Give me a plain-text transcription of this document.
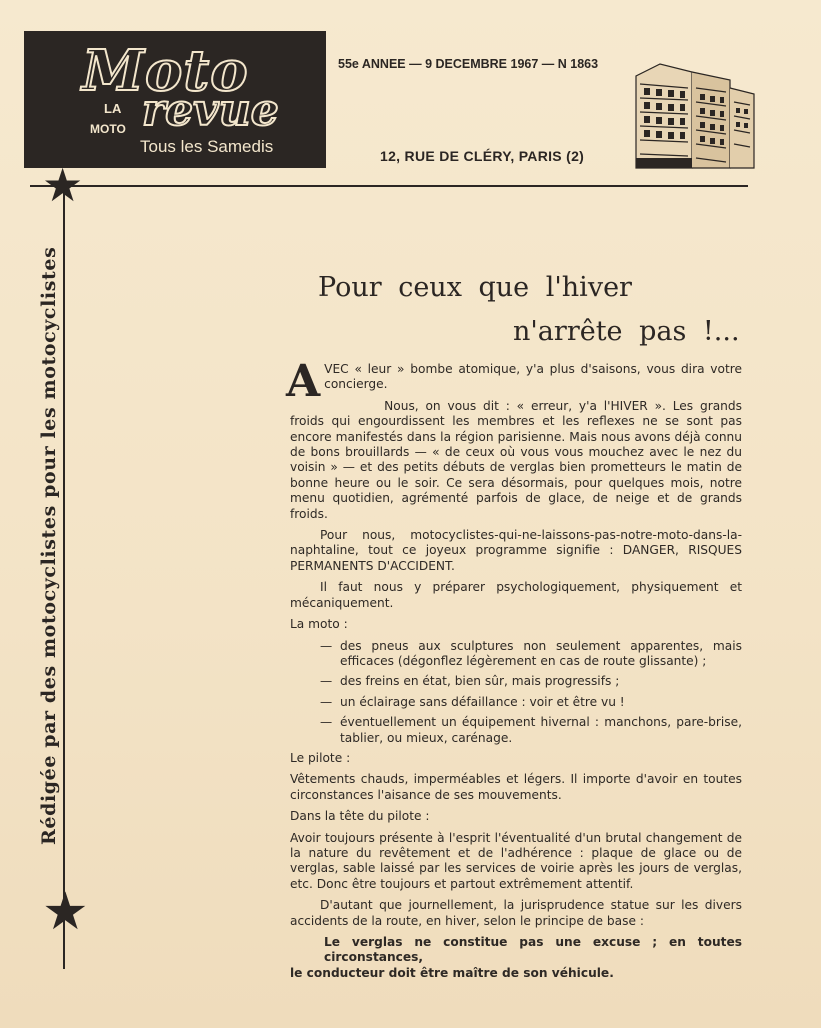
Moto
LA
MOTO revue
Tous les Samedis
55e ANNEE — 9 DECEMBRE 1967 — N 1863
12, RUE DE CLÉRY, PARIS (2)
★
★
Rédigée par des motocyclistes pour les motocyclistes	Pour ceux que l'hiver
n'arrête pas !...

AVEC « leur » bombe atomique, y'a plus d'saisons, vous dira votre concierge.

Nous, on vous dit : « erreur, y'a l'HIVER ». Les grands froids qui engourdissent les membres et les reflexes ne se sont pas encore manifestés dans la région parisienne. Mais nous avons déjà connu de bons brouillards — « de ceux où vous vous mouchez avec le nez du voisin » — et des petits débuts de verglas bien prometteurs le matin de bonne heure ou le soir. Ce sera désormais, pour quelques mois, notre menu quotidien, agrémenté parfois de glace, de neige et de grands froids.

Pour nous, motocyclistes-qui-ne-laissons-pas-notre-moto-dans-la-naphtaline, tout ce joyeux programme signifie : DANGER, RISQUES PERMANENTS D'ACCIDENT.

Il faut nous y préparer psychologiquement, physiquement et mécaniquement.

La moto :

— des pneus aux sculptures non seulement apparentes, mais efficaces (dégonflez légèrement en cas de route glissante) ;
— des freins en état, bien sûr, mais progressifs ;
— un éclairage sans défaillance : voir et être vu !
— éventuellement un équipement hivernal : manchons, pare-brise, tablier, ou mieux, carénage.

Le pilote :

Vêtements chauds, imperméables et légers. Il importe d'avoir en toutes circonstances l'aisance de ses mouvements.

Dans la tête du pilote :

Avoir toujours présente à l'esprit l'éventualité d'un brutal changement de la nature du revêtement et de l'adhérence : plaque de glace ou de verglas, sable laissé par les services de voirie après les jours de verglas, etc. Donc être toujours et partout extrêmement attentif.

D'autant que journellement, la jurisprudence statue sur les divers accidents de la route, en hiver, selon le principe de base :

Le verglas ne constitue pas une excuse ; en toutes circonstances,
le conducteur doit être maître de son véhicule.
